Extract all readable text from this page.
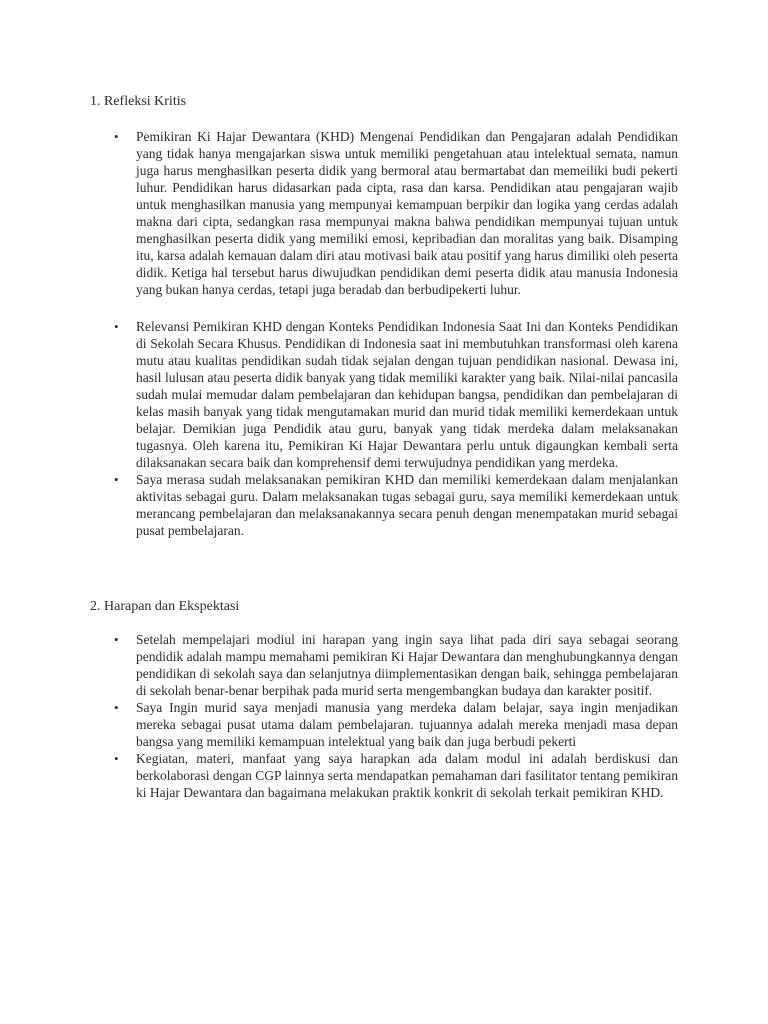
1. Refleksi Kritis
•	Pemikiran Ki Hajar Dewantara (KHD) Mengenai Pendidikan dan Pengajaran adalah Pendidikan yang tidak hanya mengajarkan siswa untuk memiliki pengetahuan atau intelektual semata, namun juga harus menghasilkan peserta didik yang bermoral atau bermartabat dan memeiliki budi pekerti luhur. Pendidikan harus didasarkan pada cipta, rasa dan karsa. Pendidikan atau pengajaran wajib untuk menghasilkan manusia yang mempunyai kemampuan berpikir dan logika yang cerdas adalah makna dari cipta, sedangkan rasa mempunyai makna bahwa pendidikan mempunyai tujuan untuk menghasilkan peserta didik yang memiliki emosi, kepribadian dan moralitas yang baik. Disamping itu, karsa adalah kemauan dalam diri atau motivasi baik atau positif yang harus dimiliki oleh peserta didik. Ketiga hal tersebut harus diwujudkan pendidikan demi peserta didik atau manusia Indonesia yang bukan hanya cerdas, tetapi juga beradab dan berbudipekerti luhur.
•	Relevansi Pemikiran KHD dengan Konteks Pendidikan Indonesia Saat Ini dan Konteks Pendidikan di Sekolah Secara Khusus. Pendidikan di Indonesia saat ini membutuhkan transformasi oleh karena mutu atau kualitas pendidikan sudah tidak sejalan dengan tujuan pendidikan nasional. Dewasa ini, hasil lulusan atau peserta didik banyak yang tidak memiliki karakter yang baik. Nilai-nilai pancasila sudah mulai memudar dalam pembelajaran dan kehidupan bangsa, pendidikan dan pembelajaran di kelas masih banyak yang tidak mengutamakan murid dan murid tidak memiliki kemerdekaan untuk belajar. Demikian juga Pendidik atau guru, banyak yang tidak merdeka dalam melaksanakan tugasnya. Oleh karena itu, Pemikiran Ki Hajar Dewantara perlu untuk digaungkan kembali serta dilaksanakan secara baik dan komprehensif demi terwujudnya pendidikan yang merdeka.
•	Saya merasa sudah melaksanakan pemikiran KHD dan memiliki kemerdekaan dalam menjalankan aktivitas sebagai guru. Dalam melaksanakan tugas sebagai guru, saya memiliki kemerdekaan untuk merancang pembelajaran dan melaksanakannya secara penuh dengan menempatakan murid sebagai pusat pembelajaran.
2. Harapan dan Ekspektasi
•	Setelah mempelajari modiul ini harapan yang ingin saya lihat pada diri saya sebagai seorang pendidik adalah mampu memahami pemikiran Ki Hajar Dewantara dan menghubungkannya dengan pendidikan di sekolah saya dan selanjutnya diimplementasikan dengan baik, sehingga pembelajaran di sekolah benar-benar berpihak pada murid serta mengembangkan budaya dan karakter positif.
•	Saya Ingin murid saya menjadi manusia yang merdeka dalam belajar, saya ingin menjadikan mereka sebagai pusat utama dalam pembelajaran. tujuannya adalah mereka menjadi masa depan bangsa yang memiliki kemampuan intelektual yang baik dan juga berbudi pekerti
•	Kegiatan, materi, manfaat yang saya harapkan ada dalam modul ini adalah berdiskusi dan berkolaborasi dengan CGP lainnya serta mendapatkan pemahaman dari fasilitator tentang pemikiran ki Hajar Dewantara dan bagaimana melakukan praktik konkrit di sekolah terkait pemikiran KHD.
